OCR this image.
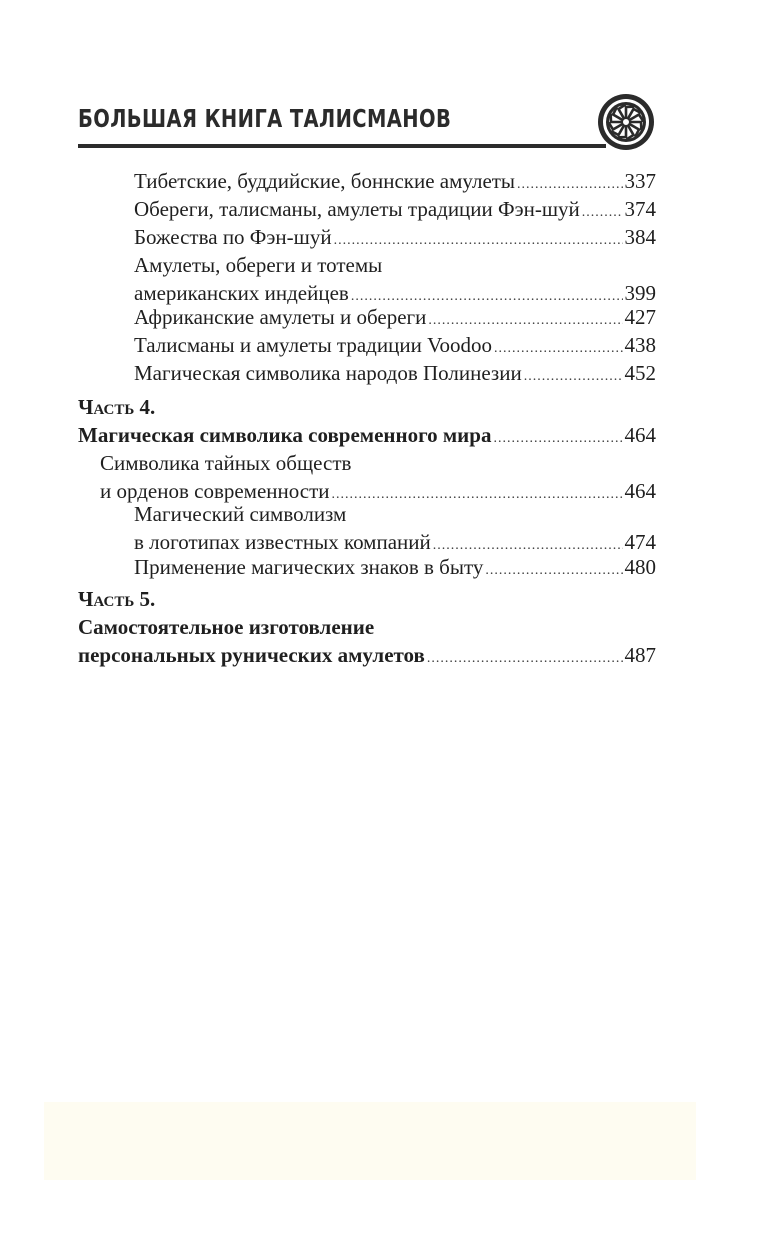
БОЛЬШАЯ КНИГА ТАЛИСМАНОВ
Тибетские, буддийские, боннские амулеты .....	337
Обереги, талисманы, амулеты традиции Фэн-шуй ..... 374
Божества по Фэн-шуй .....	384
Амулеты, обереги и тотемы
американских индейцев .....	399
Африканские амулеты и обереги .....	427
Талисманы и амулеты традиции Voodoo .....	438
Магическая символика народов Полинезии .....	452
Часть 4.
Магическая символика современного мира .....	464
Символика тайных обществ
и орденов современности .....	464
Магический символизм
в логотипах известных компаний .....	474
Применение магических знаков в быту .....	480
Часть 5.
Самостоятельное изготовление
персональных рунических амулетов .....	487
